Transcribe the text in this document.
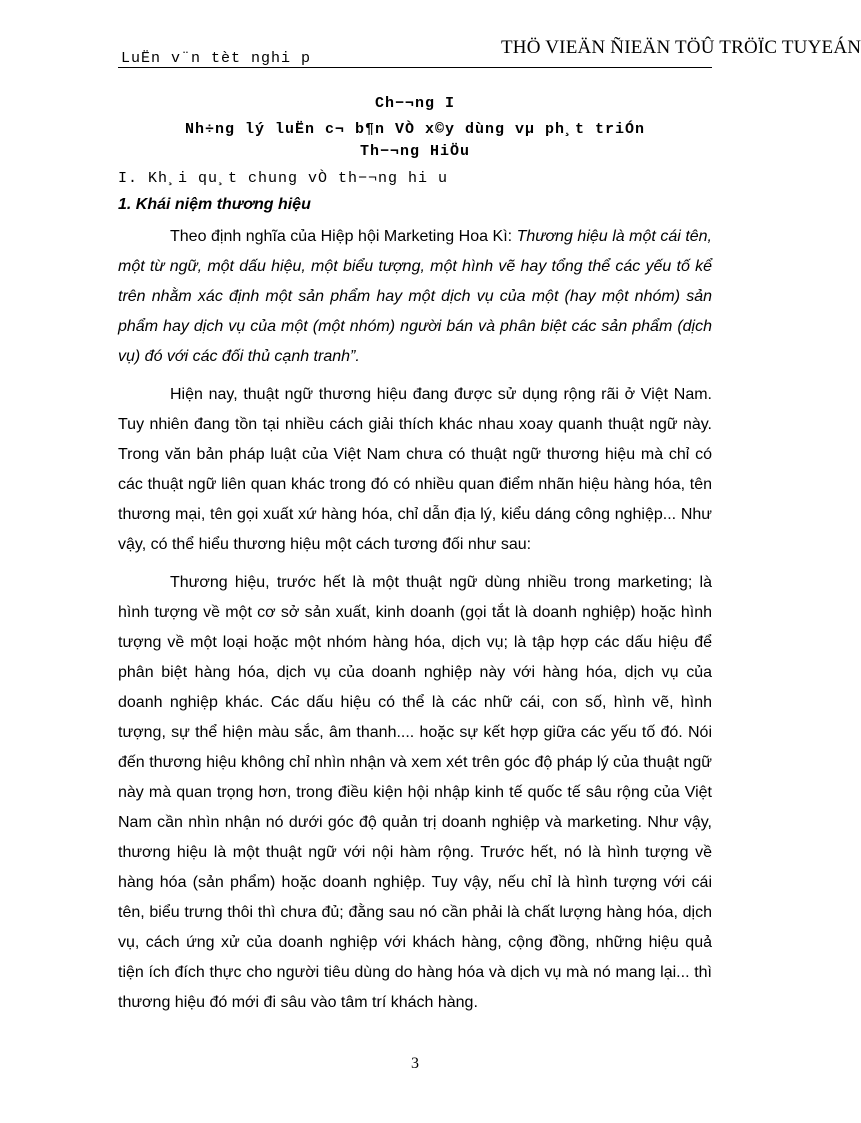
THÖ VIEÄN ÑIEÄN TÖÛ TRÖÏC TUYEÁN
LuËn v¨n tèt nghi p
Ch−¬ng I
Nh÷ng lý luËn c¬ b¶n VÒ x©y dùng vµ ph¸t triÓn
Th−¬ng HiÖu
I. Kh¸i qu¸t chung vÒ th−¬ng hi u
1. Khái niệm thương hiệu

Theo định nghĩa của Hiệp hội Marketing Hoa Kì: Thương hiệu là một cái tên, một từ ngữ, một dấu hiệu, một biểu tượng, một hình vẽ hay tổng thể các yếu tố kể trên nhằm xác định một sản phẩm hay một dịch vụ của một (hay một nhóm) sản phẩm hay dịch vụ của một (một nhóm) người bán và phân biệt các sản phẩm (dịch vụ) đó với các đối thủ cạnh tranh”.

Hiện nay, thuật ngữ thương hiệu đang được sử dụng rộng rãi ở Việt Nam. Tuy nhiên đang tồn tại nhiều cách giải thích khác nhau xoay quanh thuật ngữ này. Trong văn bản pháp luật của Việt Nam chưa có thuật ngữ thương hiệu mà chỉ có các thuật ngữ liên quan khác trong đó có nhiều quan điểm nhãn hiệu hàng hóa, tên thương mại, tên gọi xuất xứ hàng hóa, chỉ dẫn địa lý, kiểu dáng công nghiệp... Như vậy, có thể hiểu thương hiệu một cách tương đối như sau:

Thương hiệu, trước hết là một thuật ngữ dùng nhiều trong marketing; là hình tượng về một cơ sở sản xuất, kinh doanh (gọi tắt là doanh nghiệp) hoặc hình tượng về một loại hoặc một nhóm hàng hóa, dịch vụ; là tập hợp các dấu hiệu để phân biệt hàng hóa, dịch vụ của doanh nghiệp này với hàng hóa, dịch vụ của doanh nghiệp khác. Các dấu hiệu có thể là các nhữ cái, con số, hình vẽ, hình tượng, sự thể hiện màu sắc, âm thanh.... hoặc sự kết hợp giữa các yếu tố đó. Nói đến thương hiệu không chỉ nhìn nhận và xem xét trên góc độ pháp lý của thuật ngữ này mà quan trọng hơn, trong điều kiện hội nhập kinh tế quốc tế sâu rộng của Việt Nam cần nhìn nhận nó dưới góc độ quản trị doanh nghiệp và marketing. Như vậy, thương hiệu là một thuật ngữ với nội hàm rộng. Trước hết, nó là hình tượng về hàng hóa (sản phẩm) hoặc doanh nghiệp. Tuy vậy, nếu chỉ là hình tượng với cái tên, biểu trưng thôi thì chưa đủ; đằng sau nó cần phải là chất lượng hàng hóa, dịch vụ, cách ứng xử của doanh nghiệp với khách hàng, cộng đồng, những hiệu quả tiện ích đích thực cho người tiêu dùng do hàng hóa và dịch vụ mà nó mang lại... thì thương hiệu đó mới đi sâu vào tâm trí khách hàng.

3
